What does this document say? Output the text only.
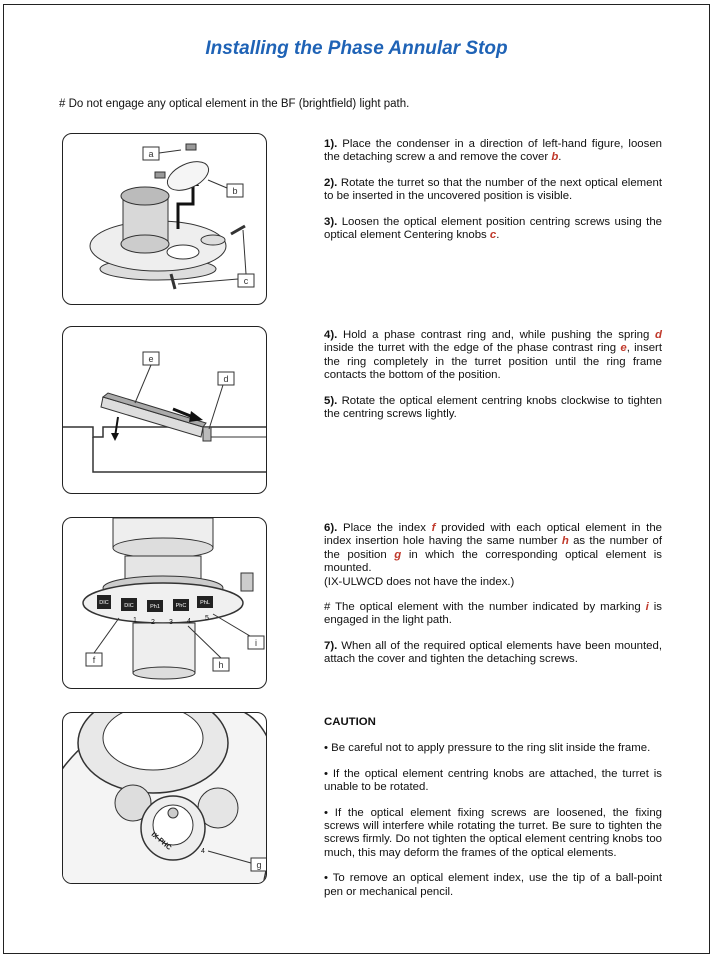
Installing the Phase Annular Stop
# Do not engage any optical element in the BF (brightfield) light path.
a
b
c
e
d
DIC	DIC	Ph1	PhC	PhL
1 2 3 4 5
f	h
i
IX-PHC	4
g

1). Place the condenser in a direction of left-hand figure, loosen the detaching screw a and remove the cover b.

2). Rotate the turret so that the number of the next optical element to be inserted in the uncovered position is visible.

3). Loosen the optical element position centring screws using the optical element Centering knobs c.

4). Hold a phase contrast ring and, while pushing the spring d inside the turret with the edge of the phase contrast ring e, insert the ring completely in the turret position until the ring frame contacts the bottom of the position.

5). Rotate the optical element centring knobs clockwise to tighten the centring screws lightly.

6). Place the index f provided with each optical element in the index insertion hole having the same number h as the number of the position g in which the corresponding optical element is mounted.

(IX-ULWCD does not have the index.)

# The optical element with the number indicated by marking i is engaged in the light path.

7). When all of the required optical elements have been mounted, attach the cover and tighten the detaching screws.

CAUTION

• Be careful not to apply pressure to the ring slit inside the frame.

• If the optical element centring knobs are attached, the turret is unable to be rotated.

• If the optical element fixing screws are loosened, the fixing screws will interfere while rotating the turret. Be sure to tighten the screws firmly. Do not tighten the optical element centring knobs too much, this may deform the frames of the optical elements.

• To remove an optical element index, use the tip of a ball-point pen or mechanical pencil.
